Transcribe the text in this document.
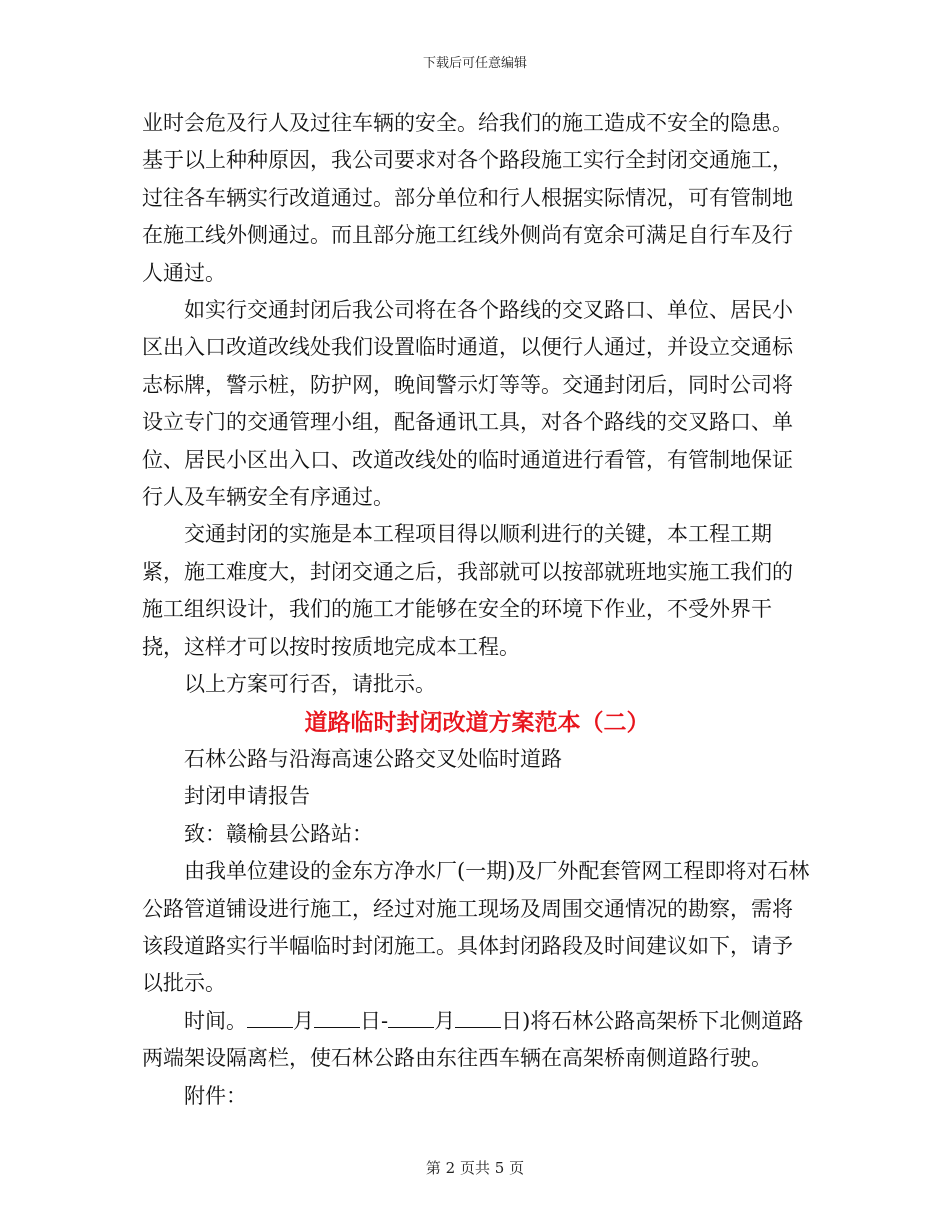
下载后可任意编辑

业时会危及行人及过往车辆的安全。给我们的施工造成不安全的隐患。基于以上种种原因，我公司要求对各个路段施工实行全封闭交通施工，过往各车辆实行改道通过。部分单位和行人根据实际情况，可有管制地在施工线外侧通过。而且部分施工红线外侧尚有宽余可满足自行车及行人通过。

如实行交通封闭后我公司将在各个路线的交叉路口、单位、居民小区出入口改道改线处我们设置临时通道，以便行人通过，并设立交通标志标牌，警示桩，防护网，晚间警示灯等等。交通封闭后，同时公司将设立专门的交通管理小组，配备通讯工具，对各个路线的交叉路口、单位、居民小区出入口、改道改线处的临时通道进行看管，有管制地保证行人及车辆安全有序通过。

交通封闭的实施是本工程项目得以顺利进行的关键，本工程工期紧，施工难度大，封闭交通之后，我部就可以按部就班地实施工我们的施工组织设计，我们的施工才能够在安全的环境下作业，不受外界干挠，这样才可以按时按质地完成本工程。

以上方案可行否，请批示。

道路临时封闭改道方案范本（二）

石林公路与沿海高速公路交叉处临时道路

封闭申请报告

致：赣榆县公路站：

由我单位建设的金东方净水厂(一期)及厂外配套管网工程即将对石林公路管道铺设进行施工，经过对施工现场及周围交通情况的勘察，需将该段道路实行半幅临时封闭施工。具体封闭路段及时间建议如下，请予以批示。

时间。 月 日- 月 日)将石林公路高架桥下北侧道路两端架设隔离栏，使石林公路由东往西车辆在高架桥南侧道路行驶。

附件：

第 2 页共 5 页
